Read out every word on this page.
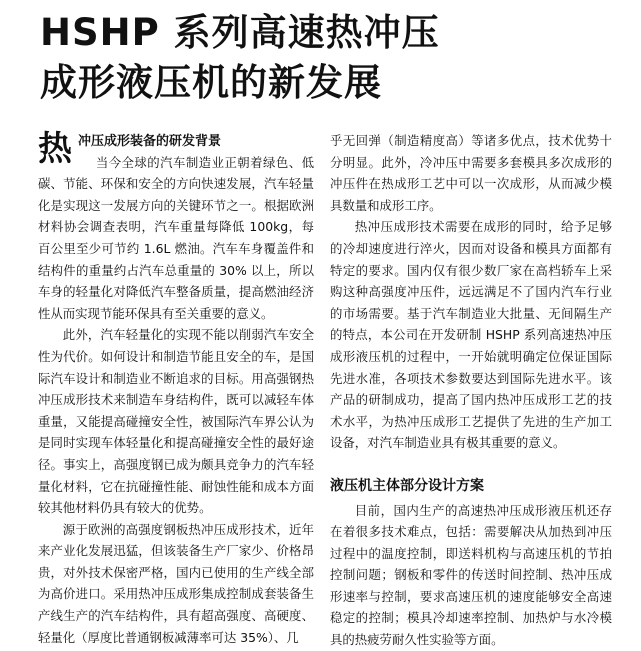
HSHP 系列高速热冲压
成形液压机的新发展
热 冲压成形装备的研发背景

当今全球的汽车制造业正朝着绿色、低碳、节能、环保和安全的方向快速发展，汽车轻量化是实现这一发展方向的关键环节之一。根据欧洲材料协会调查表明，汽车重量每降低 100kg，每百公里至少可节约 1.6L 燃油。汽车车身覆盖件和结构件的重量约占汽车总重量的 30% 以上，所以车身的轻量化对降低汽车整备质量，提高燃油经济性从而实现节能环保具有至关重要的意义。

此外，汽车轻量化的实现不能以削弱汽车安全性为代价。如何设计和制造节能且安全的车，是国际汽车设计和制造业不断追求的目标。用高强钢热冲压成形技术来制造车身结构件，既可以减轻车体重量，又能提高碰撞安全性，被国际汽车界公认为是同时实现车体轻量化和提高碰撞安全性的最好途径。事实上，高强度钢已成为颇具竞争力的汽车轻量化材料，它在抗碰撞性能、耐蚀性能和成本方面较其他材料仍具有较大的优势。

源于欧洲的高强度钢板热冲压成形技术，近年来产业化发展迅猛，但该装备生产厂家少、价格昂贵，对外技术保密严格，国内已使用的生产线全部为高价进口。采用热冲压成形集成控制成套装备生产线生产的汽车结构件，具有超高强度、高硬度、轻量化（厚度比普通钢板减薄率可达 35%）、几

乎无回弹（制造精度高）等诸多优点，技术优势十分明显。此外，冷冲压中需要多套模具多次成形的冲压件在热成形工艺中可以一次成形，从而减少模具数量和成形工序。

热冲压成形技术需要在成形的同时，给予足够的冷却速度进行淬火，因而对设备和模具方面都有特定的要求。国内仅有很少数厂家在高档轿车上采购这种高强度冲压件，远远满足不了国内汽车行业的市场需要。基于汽车制造业大批量、无间隔生产的特点，本公司在开发研制 HSHP 系列高速热冲压成形液压机的过程中，一开始就明确定位保证国际先进水准，各项技术参数要达到国际先进水平。该产品的研制成功，提高了国内热冲压成形工艺的技术水平，为热冲压成形工艺提供了先进的生产加工设备，对汽车制造业具有极其重要的意义。

液压机主体部分设计方案

目前，国内生产的高速热冲压成形液压机还存在着很多技术难点，包括：需要解决从加热到冲压过程中的温度控制，即送料机构与高速压机的节拍控制问题；钢板和零件的传送时间控制、热冲压成形速率与控制，要求高速压机的速度能够安全高速稳定的控制；模具冷却速率控制、加热炉与水冷模具的热疲劳耐久性实验等方面。
